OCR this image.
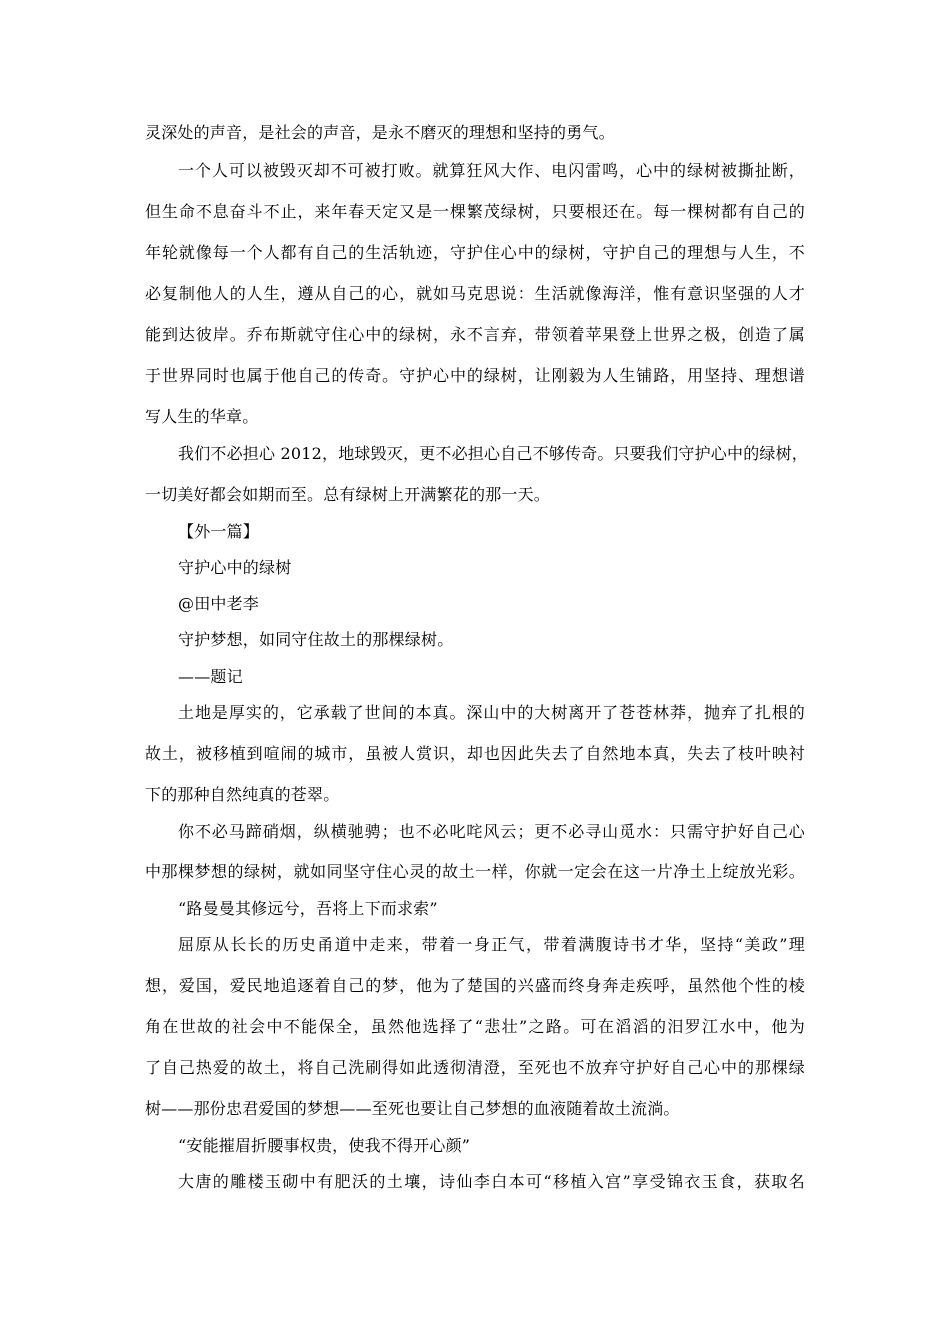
灵深处的声音，是社会的声音，是永不磨灭的理想和坚持的勇气。
一个人可以被毁灭却不可被打败。就算狂风大作、电闪雷鸣，心中的绿树被撕扯断，
但生命不息奋斗不止，来年春天定又是一棵繁茂绿树，只要根还在。每一棵树都有自己的
年轮就像每一个人都有自己的生活轨迹，守护住心中的绿树，守护自己的理想与人生，不
必复制他人的人生，遵从自己的心，就如马克思说：生活就像海洋，惟有意识坚强的人才
能到达彼岸。乔布斯就守住心中的绿树，永不言弃，带领着苹果登上世界之极，创造了属
于世界同时也属于他自己的传奇。守护心中的绿树，让刚毅为人生铺路，用坚持、理想谱
写人生的华章。
我们不必担心 2012，地球毁灭，更不必担心自己不够传奇。只要我们守护心中的绿树，
一切美好都会如期而至。总有绿树上开满繁花的那一天。
【外一篇】
守护心中的绿树
@田中老李
守护梦想，如同守住故土的那棵绿树。
——题记
土地是厚实的，它承载了世间的本真。深山中的大树离开了苍苍林莽，抛弃了扎根的
故土，被移植到喧闹的城市，虽被人赏识，却也因此失去了自然地本真，失去了枝叶映衬
下的那种自然纯真的苍翠。
你不必马蹄硝烟，纵横驰骋；也不必叱咤风云；更不必寻山觅水：只需守护好自己心
中那棵梦想的绿树，就如同坚守住心灵的故土一样，你就一定会在这一片净土上绽放光彩。
“路曼曼其修远兮，吾将上下而求索”
屈原从长长的历史甬道中走来，带着一身正气，带着满腹诗书才华，坚持“美政”理
想，爱国，爱民地追逐着自己的梦，他为了楚国的兴盛而终身奔走疾呼，虽然他个性的棱
角在世故的社会中不能保全，虽然他选择了“悲壮”之路。可在滔滔的汨罗江水中，他为
了自己热爱的故土，将自己洗刷得如此透彻清澄，至死也不放弃守护好自己心中的那棵绿
树——那份忠君爱国的梦想——至死也要让自己梦想的血液随着故土流淌。
“安能摧眉折腰事权贵，使我不得开心颜”
大唐的雕楼玉砌中有肥沃的土壤，诗仙李白本可“移植入宫”享受锦衣玉食，获取名
